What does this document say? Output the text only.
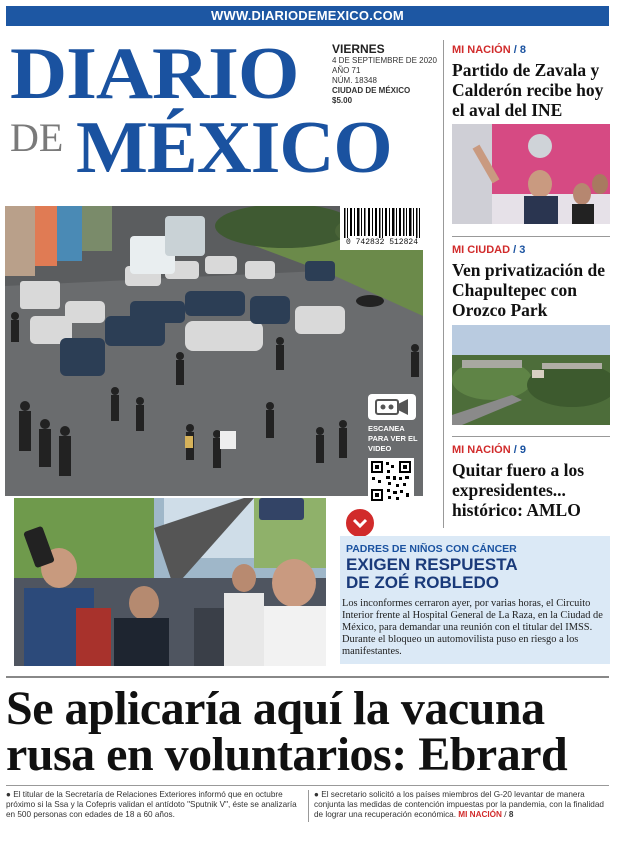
WWW.DIARIODEMEXICO.COM
DIARIO
DE MÉXICO
VIERNES
4 DE SEPTIEMBRE DE 2020
AÑO 71
NÚM. 18348
CIUDAD DE MÉXICO
$5.00
0 742832 512824
ESCANEA PARA VER EL VIDEO
MI NACIÓN / 8
Partido de Zavala y Calderón recibe hoy el aval del INE
MI CIUDAD / 3
Ven privatización de Chapultepec con Orozco Park
MI NACIÓN / 9
Quitar fuero a los expresidentes... histórico: AMLO
PADRES DE NIÑOS CON CÁNCER
EXIGEN RESPUESTA
DE ZOÉ ROBLEDO
Los inconformes cerraron ayer, por varias horas, el Circuito Interior frente al Hospital General de La Raza, en la Ciudad de México, para demandar una reunión con el titular del IMSS. Durante el bloqueo un automovilista puso en riesgo a los manifestantes.
Se aplicaría aquí la vacuna rusa en voluntarios: Ebrard
● El titular de la Secretaría de Relaciones Exteriores informó que en octubre próximo si la Ssa y la Cofepris validan el antídoto "Sputnik V", éste se analizaría en 500 personas con edades de 18 a 60 años.
● El secretario solicitó a los países miembros del G-20 levantar de manera conjunta las medidas de contención impuestas por la pandemia, con la finalidad de lograr una recuperación económica. MI NACIÓN / 8
